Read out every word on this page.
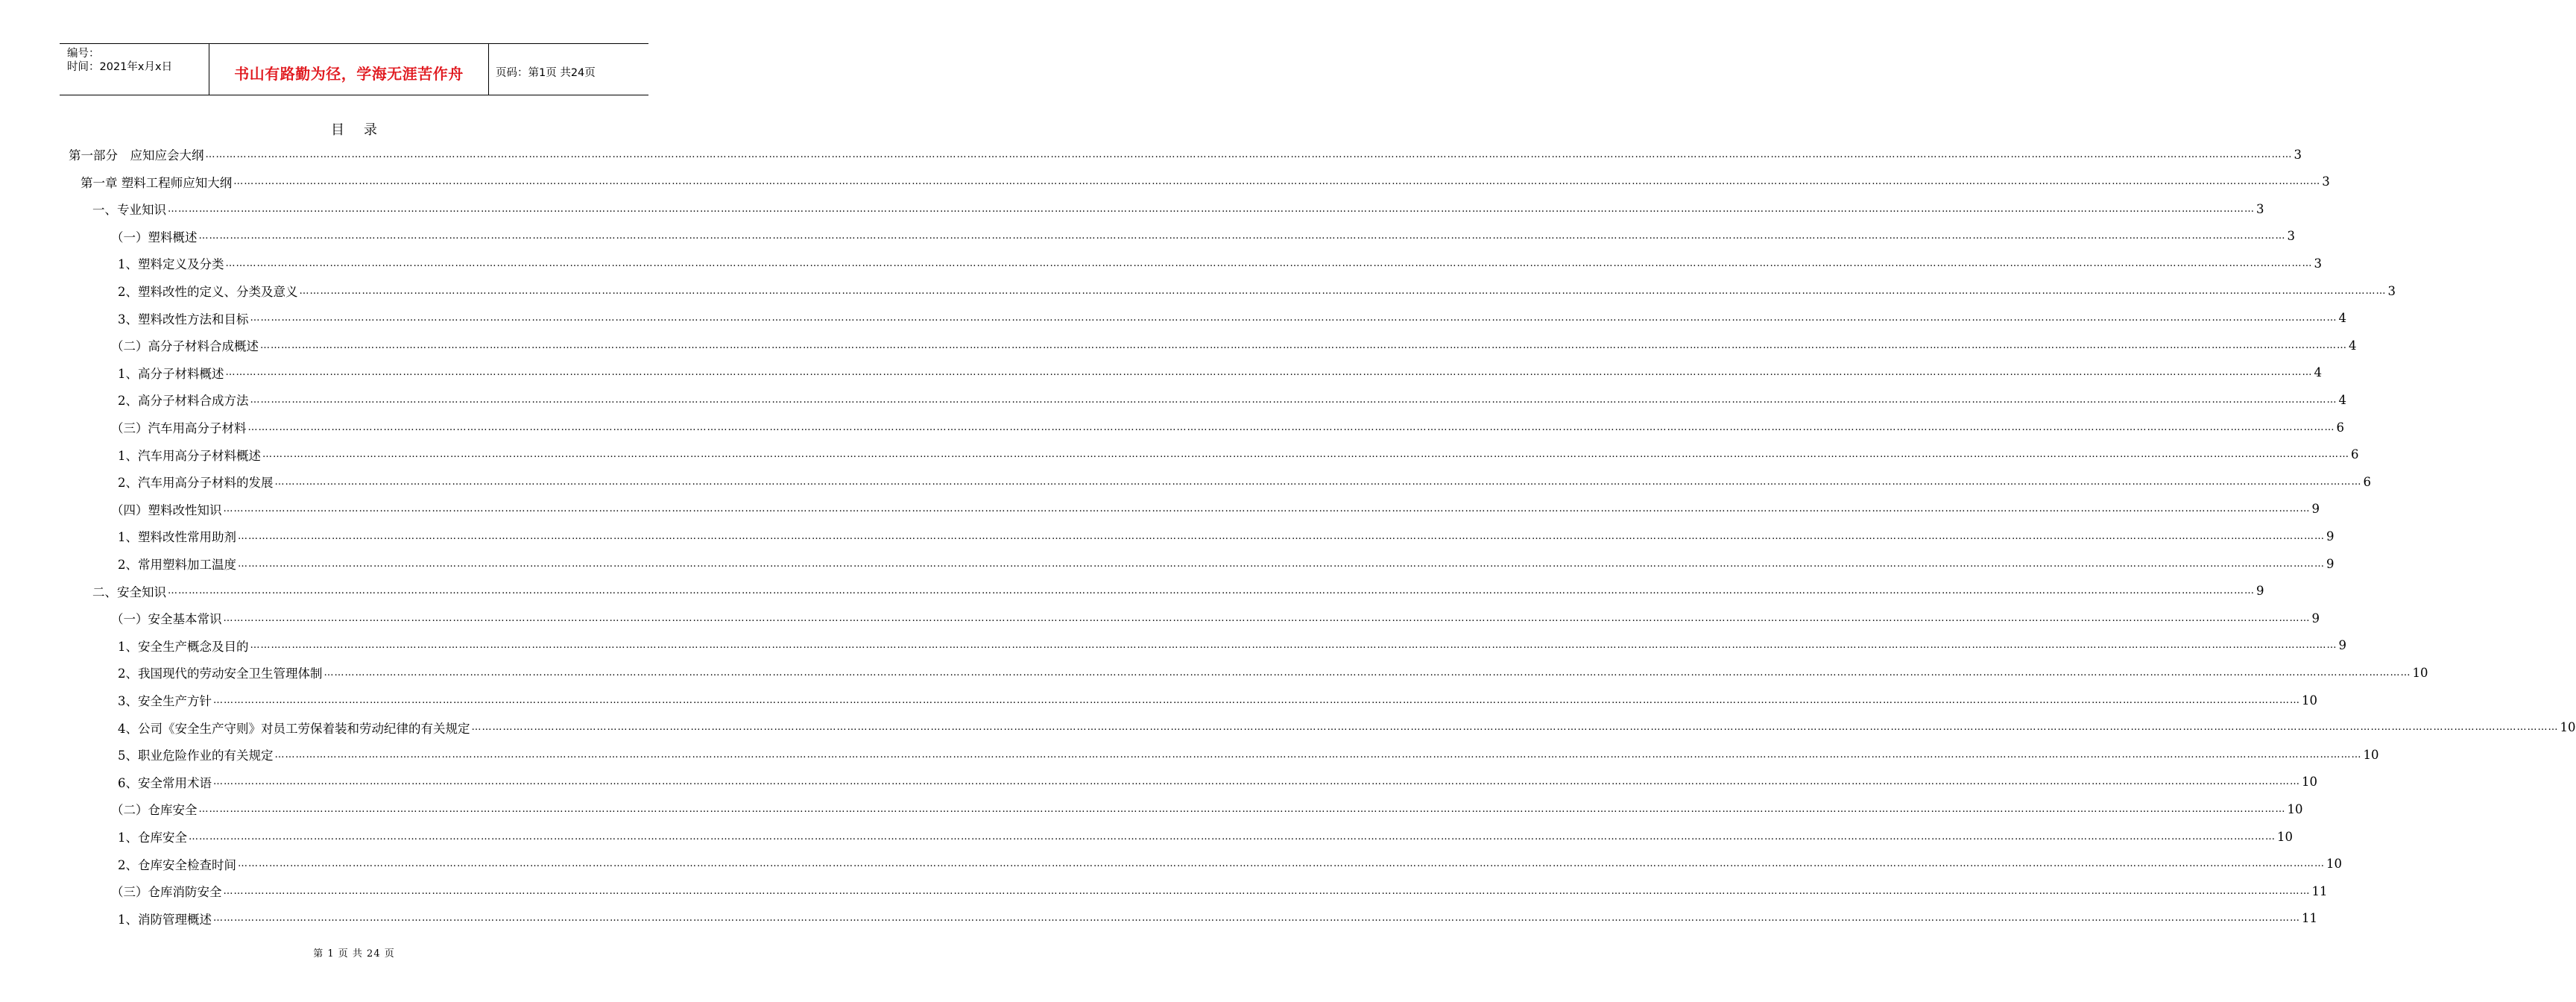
编号：
时间：2021年x月x日	书山有路勤为径，学海无涯苦作舟	页码：第1页 共24页
目录
第一部分　应知应会大纲 …………………………………………………………………………………………………………………………………………………………………………………………………………………………………………………………………………………………………………………………………………………………………………………………………………………………………………………………………………………………………………………………………………………… 3
第一章 塑料工程师应知大纲 …………………………………………………………………………………………………………………………………………………………………………………………………………………………………………………………………………………………………………………………………………………………………………………………………………………………………………………………………………………………………………………………………………………… 3
一、专业知识 …………………………………………………………………………………………………………………………………………………………………………………………………………………………………………………………………………………………………………………………………………………………………………………………………………………………………………………………………………………………………………………………………………………… 3
（一）塑料概述 …………………………………………………………………………………………………………………………………………………………………………………………………………………………………………………………………………………………………………………………………………………………………………………………………………………………………………………………………………………………………………………………………………………… 3
1、塑料定义及分类 …………………………………………………………………………………………………………………………………………………………………………………………………………………………………………………………………………………………………………………………………………………………………………………………………………………………………………………………………………………………………………………………………………………… 3
2、塑料改性的定义、分类及意义 …………………………………………………………………………………………………………………………………………………………………………………………………………………………………………………………………………………………………………………………………………………………………………………………………………………………………………………………………………………………………………………………………………………… 3
3、塑料改性方法和目标 …………………………………………………………………………………………………………………………………………………………………………………………………………………………………………………………………………………………………………………………………………………………………………………………………………………………………………………………………………………………………………………………………………………… 4
（二）高分子材料合成概述 …………………………………………………………………………………………………………………………………………………………………………………………………………………………………………………………………………………………………………………………………………………………………………………………………………………………………………………………………………………………………………………………………………………… 4
1、高分子材料概述 …………………………………………………………………………………………………………………………………………………………………………………………………………………………………………………………………………………………………………………………………………………………………………………………………………………………………………………………………………………………………………………………………………………… 4
2、高分子材料合成方法 …………………………………………………………………………………………………………………………………………………………………………………………………………………………………………………………………………………………………………………………………………………………………………………………………………………………………………………………………………………………………………………………………………………… 4
（三）汽车用高分子材料 …………………………………………………………………………………………………………………………………………………………………………………………………………………………………………………………………………………………………………………………………………………………………………………………………………………………………………………………………………………………………………………………………………………… 6
1、汽车用高分子材料概述 …………………………………………………………………………………………………………………………………………………………………………………………………………………………………………………………………………………………………………………………………………………………………………………………………………………………………………………………………………………………………………………………………………………… 6
2、汽车用高分子材料的发展 …………………………………………………………………………………………………………………………………………………………………………………………………………………………………………………………………………………………………………………………………………………………………………………………………………………………………………………………………………………………………………………………………………………… 6
（四）塑料改性知识 …………………………………………………………………………………………………………………………………………………………………………………………………………………………………………………………………………………………………………………………………………………………………………………………………………………………………………………………………………………………………………………………………………………… 9
1、塑料改性常用助剂 …………………………………………………………………………………………………………………………………………………………………………………………………………………………………………………………………………………………………………………………………………………………………………………………………………………………………………………………………………………………………………………………………………………… 9
2、常用塑料加工温度 …………………………………………………………………………………………………………………………………………………………………………………………………………………………………………………………………………………………………………………………………………………………………………………………………………………………………………………………………………………………………………………………………………………… 9
二、安全知识 …………………………………………………………………………………………………………………………………………………………………………………………………………………………………………………………………………………………………………………………………………………………………………………………………………………………………………………………………………………………………………………………………………………… 9
（一）安全基本常识 …………………………………………………………………………………………………………………………………………………………………………………………………………………………………………………………………………………………………………………………………………………………………………………………………………………………………………………………………………………………………………………………………………………… 9
1、安全生产概念及目的 …………………………………………………………………………………………………………………………………………………………………………………………………………………………………………………………………………………………………………………………………………………………………………………………………………………………………………………………………………………………………………………………………………………… 9
2、我国现代的劳动安全卫生管理体制 …………………………………………………………………………………………………………………………………………………………………………………………………………………………………………………………………………………………………………………………………………………………………………………………………………………………………………………………………………………………………………………………………………………… 10
3、安全生产方针 …………………………………………………………………………………………………………………………………………………………………………………………………………………………………………………………………………………………………………………………………………………………………………………………………………………………………………………………………………………………………………………………………………………… 10
4、公司《安全生产守则》对员工劳保着装和劳动纪律的有关规定 …………………………………………………………………………………………………………………………………………………………………………………………………………………………………………………………………………………………………………………………………………………………………………………………………………………………………………………………………………………………………………………………………………………… 10
5、职业危险作业的有关规定 …………………………………………………………………………………………………………………………………………………………………………………………………………………………………………………………………………………………………………………………………………………………………………………………………………………………………………………………………………………………………………………………………………………… 10
6、安全常用术语 …………………………………………………………………………………………………………………………………………………………………………………………………………………………………………………………………………………………………………………………………………………………………………………………………………………………………………………………………………………………………………………………………………………… 10
（二）仓库安全 …………………………………………………………………………………………………………………………………………………………………………………………………………………………………………………………………………………………………………………………………………………………………………………………………………………………………………………………………………………………………………………………………………………… 10
1、仓库安全 …………………………………………………………………………………………………………………………………………………………………………………………………………………………………………………………………………………………………………………………………………………………………………………………………………………………………………………………………………………………………………………………………………………… 10
2、仓库安全检查时间 …………………………………………………………………………………………………………………………………………………………………………………………………………………………………………………………………………………………………………………………………………………………………………………………………………………………………………………………………………………………………………………………………………………… 10
（三）仓库消防安全 …………………………………………………………………………………………………………………………………………………………………………………………………………………………………………………………………………………………………………………………………………………………………………………………………………………………………………………………………………………………………………………………………………………… 11
1、消防管理概述 …………………………………………………………………………………………………………………………………………………………………………………………………………………………………………………………………………………………………………………………………………………………………………………………………………………………………………………………………………………………………………………………………………………… 11
第 1 页 共 24 页
